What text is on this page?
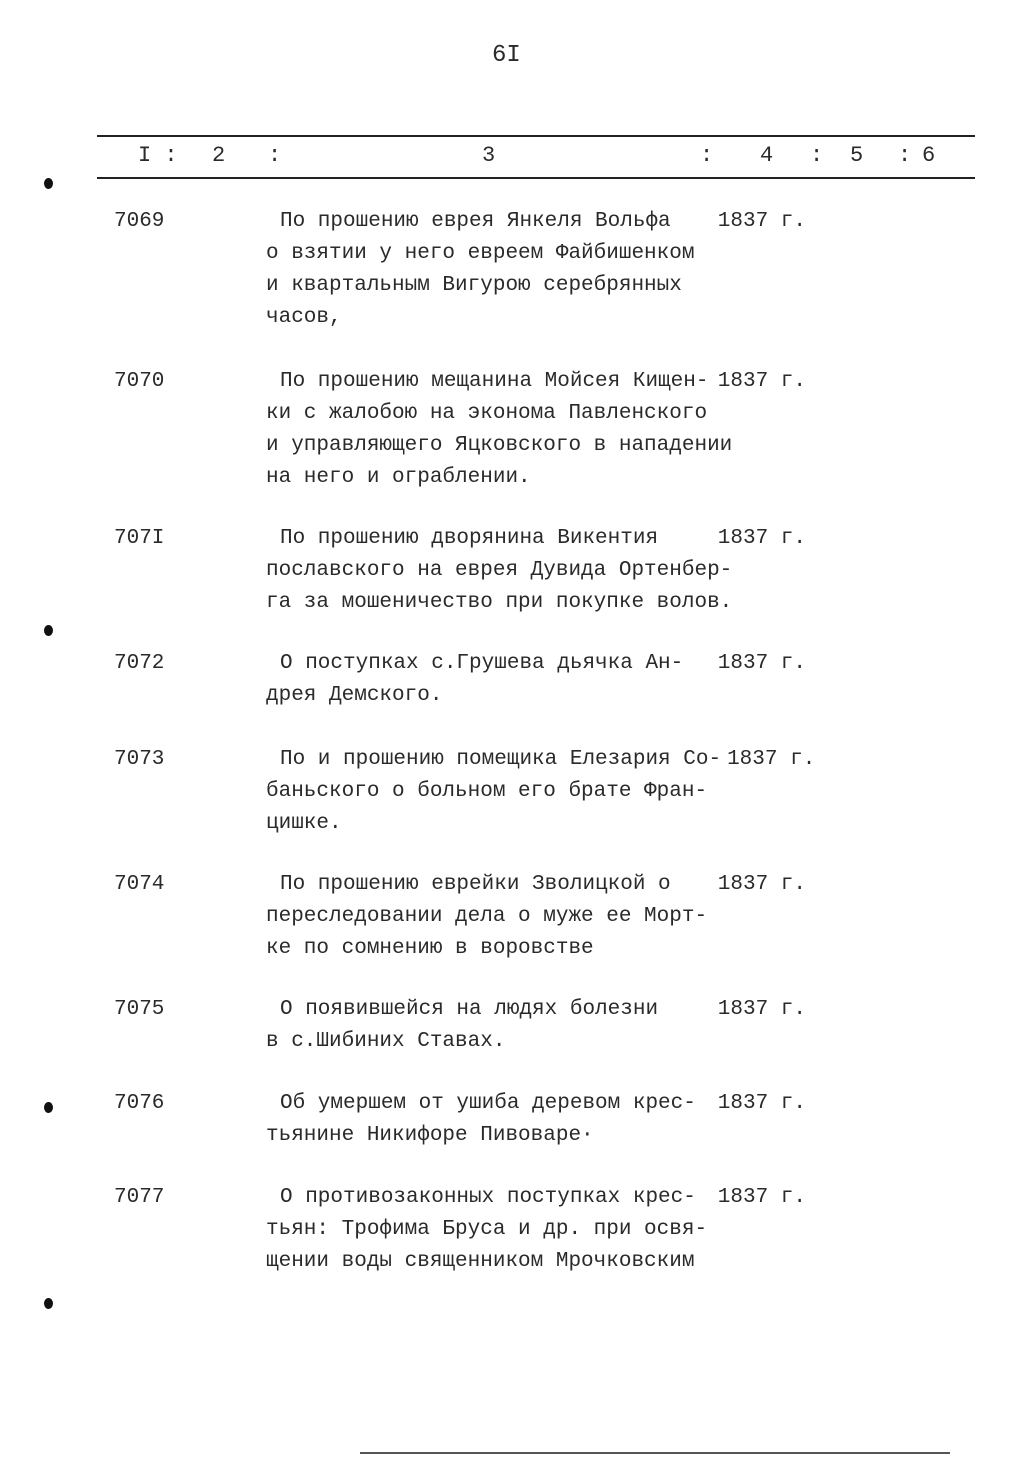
6I
I : 2 :	3	: 4 : 5 : 6
7069	По прошению еврея Янкеля Вольфа 1837 г.
о взятии у него евреем Файбишенком
и квартальным Вигурою серебрянных
часов,
7070	По прошению мещанина Мойсея Кищен- 1837 г.
ки с жалобою на эконома Павленского
и управляющего Яцковского в нападении
на него и ограблении.
707I	По прошению дворянина Викентия	1837 г.
пославского на еврея Дувида Ортенбер-
га за мошеничество при покупке волов.
7072	О поступках с.Грушева дьячка Ан- 1837 г.
дрея Демского.
7073	По и прошению помещика Елезария Со- 1837 г.
баньского о больном его брате Фран-
цишке.
7074	По прошению еврейки Зволицкой о 1837 г.
переследовании дела о муже ее Морт-
ке по сомнению в воровстве
7075	О появившейся на людях болезни	1837 г.
в с.Шибиних Ставах.
7076	Об умершем от ушиба деревом крес- 1837 г.
тьянине Никифоре Пивоваре·
7077	О противозаконных поступках крес- 1837 г.
тьян: Трофима Бруса и др. при освя-
щении воды священником Мрочковским
